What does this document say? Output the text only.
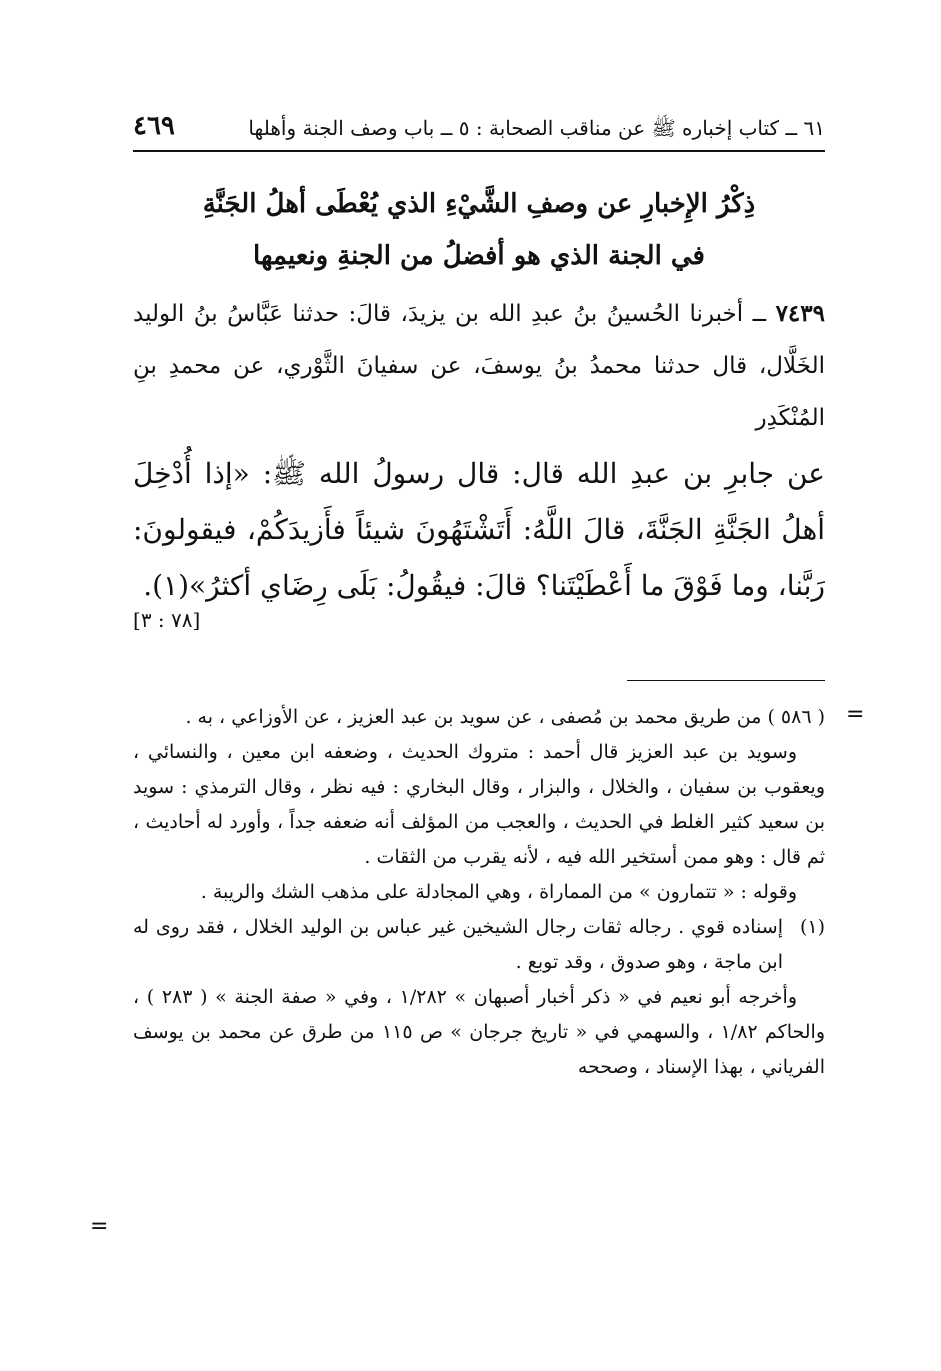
٦١ ــ كتاب إخباره ﷺ عن مناقب الصحابة : ٥ ــ باب وصف الجنة وأهلها
٤٦٩
ذِكْرُ الإِخبارِ عن وصفِ الشَّيْءِ الذي يُعْطَى أهلُ الجَنَّةِ
في الجنة الذي هو أفضلُ من الجنةِ ونعيمِها
٧٤٣٩ ــ أخبرنا الحُسينُ بنُ عبدِ الله بن يزيدَ، قالَ: حدثنا عَبَّاسُ بنُ الوليد الخَلَّال، قال حدثنا محمدُ بنُ يوسفَ، عن سفيانَ الثَّوْري، عن محمدِ بنِ المُنْكَدِر
عن جابرِ بن عبدِ الله قال: قال رسولُ الله ﷺ: «إذا أُدْخِلَ أهلُ الجَنَّةِ الجَنَّةَ، قالَ اللَّهُ: أَتَشْتَهُونَ شيئاً فأَزيدَكُمْ، فيقولونَ: رَبَّنا، وما فَوْقَ ما أَعْطَيْتَنا؟ قالَ: فيقُولُ: بَلَى رِضَاي أكثرُ»(١).
[٧٨ : ٣]
=

( ٥٨٦ ) من طريق محمد بن مُصفى ، عن سويد بن عبد العزيز ، عن الأوزاعي ، به .

وسويد بن عبد العزيز قال أحمد : متروك الحديث ، وضعفه ابن معين ، والنسائي ، ويعقوب بن سفيان ، والخلال ، والبزار ، وقال البخاري : فيه نظر ، وقال الترمذي : سويد بن سعيد كثير الغلط في الحديث ، والعجب من المؤلف أنه ضعفه جداً ، وأورد له أحاديث ، ثم قال : وهو ممن أستخير الله فيه ، لأنه يقرب من الثقات .

وقوله : « تتمارون » من المماراة ، وهي المجادلة على مذهب الشك والريبة .

(١)

إسناده قوي . رجاله ثقات رجال الشيخين غير عباس بن الوليد الخلال ، فقد روى له ابن ماجة ، وهو صدوق ، وقد توبع .

وأخرجه أبو نعيم في « ذكر أخبار أصبهان » ١/٢٨٢ ، وفي « صفة الجنة » ( ٢٨٣ ) ، والحاكم ١/٨٢ ، والسهمي في « تاريخ جرجان » ص ١١٥ من طرق عن محمد بن يوسف الفرياني ، بهذا الإسناد ، وصححه

=
